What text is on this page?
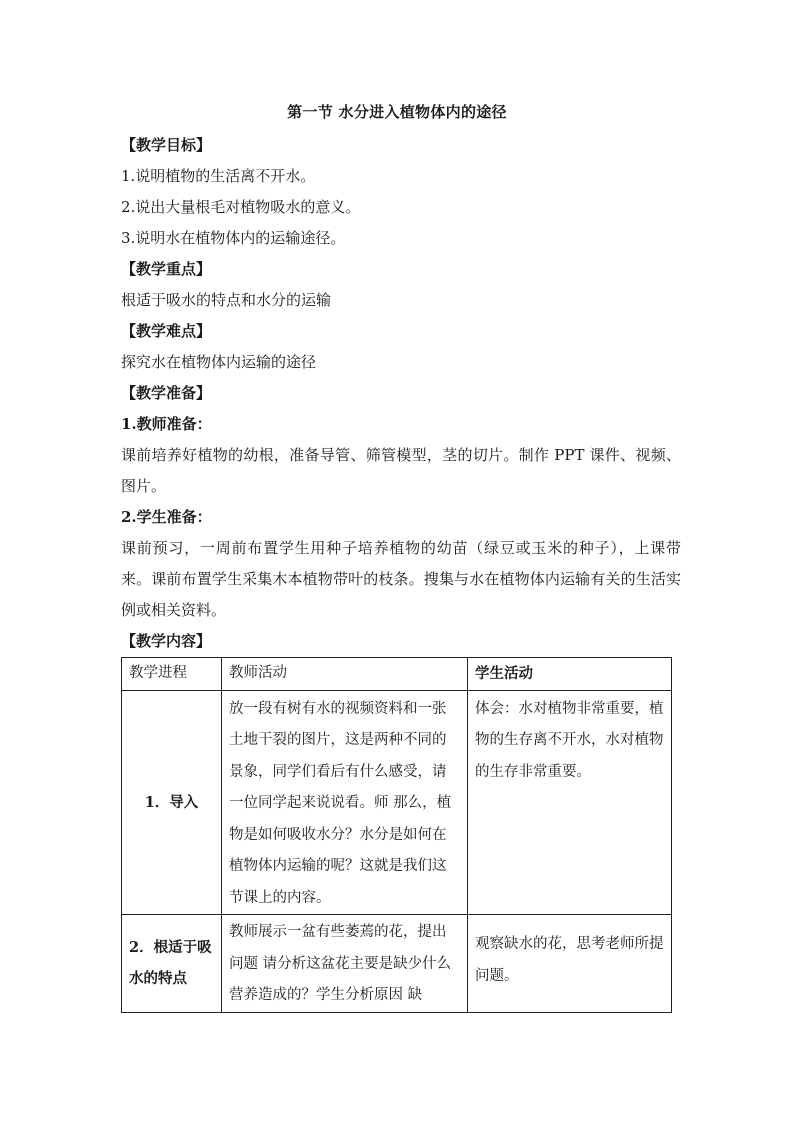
第一节 水分进入植物体内的途径
【教学目标】
1.说明植物的生活离不开水。
2.说出大量根毛对植物吸水的意义。
3.说明水在植物体内的运输途径。
【教学重点】
根适于吸水的特点和水分的运输
【教学难点】
探究水在植物体内运输的途径
【教学准备】
1.教师准备：
课前培养好植物的幼根，准备导管、筛管模型，茎的切片。制作 PPT 课件、视频、图片。
2.学生准备：
课前预习，一周前布置学生用种子培养植物的幼苗（绿豆或玉米的种子），上课带来。课前布置学生采集木本植物带叶的枝条。搜集与水在植物体内运输有关的生活实例或相关资料。
【教学内容】
教学进程	教师活动	学生活动
1．导入	放一段有树有水的视频资料和一张土地干裂的图片，这是两种不同的景象，同学们看后有什么感受，请一位同学起来说说看。师 那么，植物是如何吸收水分？水分是如何在植物体内运输的呢？这就是我们这节课上的内容。	体会：水对植物非常重要，植物的生存离不开水，水对植物的生存非常重要。
2．根适于吸水的特点	教师展示一盆有些萎蔫的花，提出问题 请分析这盆花主要是缺少什么营养造成的？学生分析原因 缺	观察缺水的花，思考老师所提问题。
